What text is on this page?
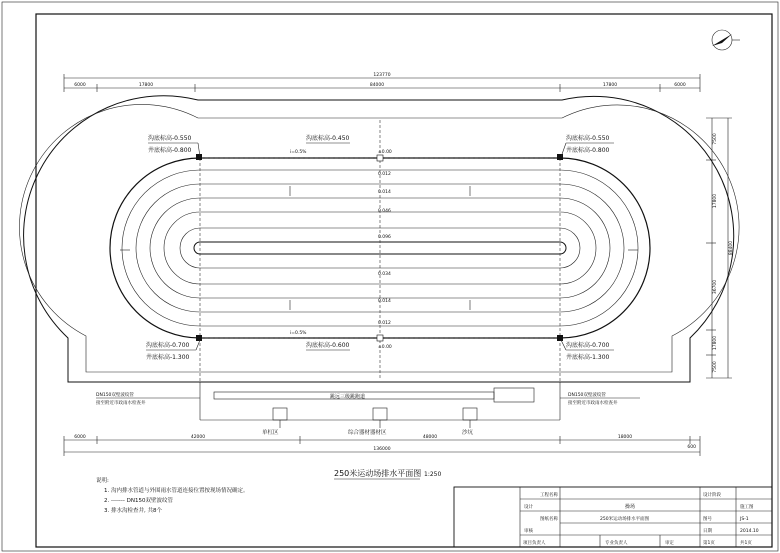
123770
6000	17800	84000	17800	6000
7500
17800
36700
17800
7500
88400
沟底标高-0.550
井底标高-0.800
沟底标高-0.550
井底标高-0.800
沟底标高-0.450
沟底标高-0.700
井底标高-1.300
沟底标高-0.700
井底标高-1.300
沟底标高-0.600
±0.00
0.012
0.014
0.046
0.096
0.034
0.014
0.012
±0.00
i=0.5%
i=0.5%
跳远三级跳跑道
单杠区	综合器材器材区	沙坑
DN150双壁波纹管
接至附近市政雨水检查井
DN150双壁波纹管
接至附近市政雨水检查井
6000	42000	48000	18000
600
136000
250米运动场排水平面图 1:250
说明:
1. 沟内排水管道与外围雨水管道连接位置按现场情况确定。
2. ------- DN150双壁波纹管
3. 排水沟检查井, 共8个
工程名称
操场
图纸名称	250米运动场排水平面图
项目负责人	专业负责人
设计
审核
审定
设计阶段
施工图
图号	JS-1
日期	2014.10
第1页	共1页
